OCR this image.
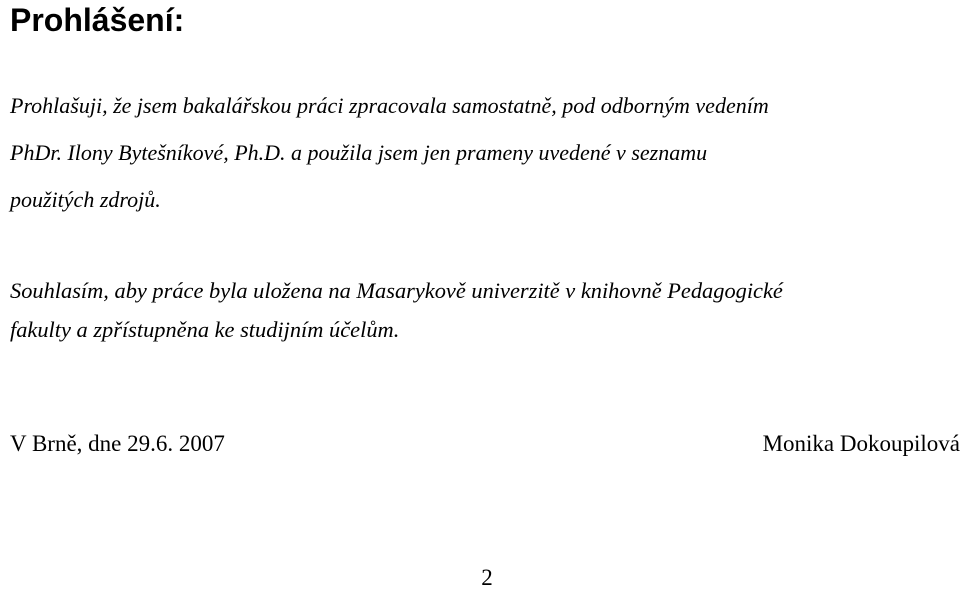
Prohlášení:

Prohlašuji, že jsem bakalářskou práci zpracovala samostatně, pod odborným vedením
PhDr. Ilony Bytešníkové, Ph.D. a použila jsem jen prameny uvedené v seznamu
použitých zdrojů.

Souhlasím, aby práce byla uložena na Masarykově univerzitě v knihovně Pedagogické
fakulty a zpřístupněna ke studijním účelům.

V Brně, dne 29.6. 2007	Monika Dokoupilová
2
